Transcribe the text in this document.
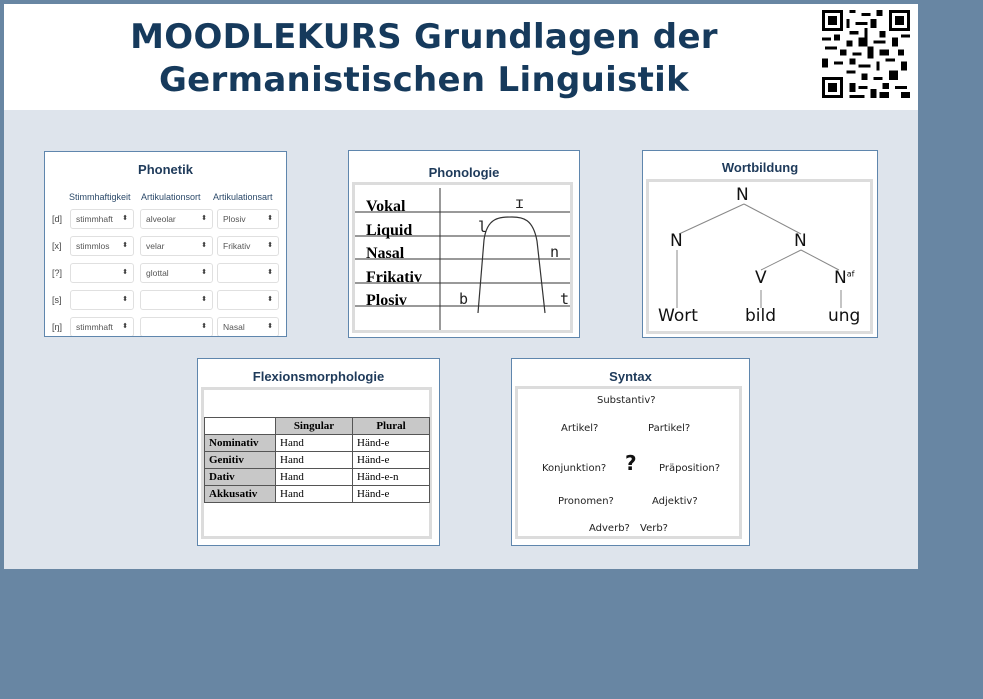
MOODLEKURS Grundlagen der
Germanistischen Linguistik
Phonetik
Stimmhaftigkeit Artikulationsort Artikulationsart
[d]	stimmhaft ⬍	alveolar	⬍	Plosiv	⬍
[x]	stimmlos ⬍	velar	⬍	Frikativ ⬍
[?]	⬍	glottal	⬍	⬍
[s]	⬍	⬍	⬍
[ŋ]	stimmhaft ⬍	⬍	Nasal	⬍
Phonologie
Vokal
Liquid
Nasal
Frikativ
Plosiv
ɪ
l
n
b	t
Wortbildung
N
N	N
V	$N^{af}$
Wort	bild	ung
Flexionsmorphologie
	Singular	Plural
Nominativ	Hand	Händ-e
Genitiv	Hand	Händ-e
Dativ	Hand	Händ-e-n
Akkusativ	Hand	Händ-e
Syntax
Substantiv?
Artikel?	Partikel?
Konjunktion? ? Präposition?
Pronomen?	Adjektiv?
Adverb? Verb?
